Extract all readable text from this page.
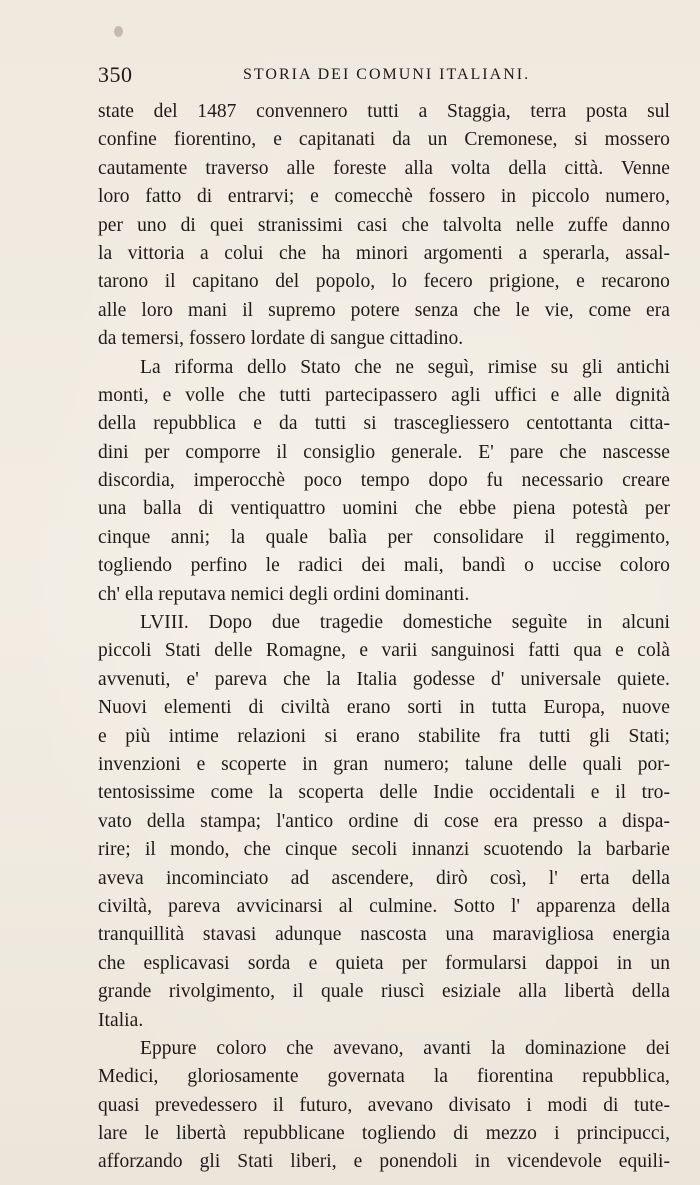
350	STORIA DEI COMUNI ITALIANI.
state del 1487 convennero tutti a Staggia, terra posta sul
confine fiorentino, e capitanati da un Cremonese, si mossero
cautamente traverso alle foreste alla volta della città. Venne
loro fatto di entrarvi; e comecchè fossero in piccolo numero,
per uno di quei stranissimi casi che talvolta nelle zuffe danno
la vittoria a colui che ha minori argomenti a sperarla, assal-
tarono il capitano del popolo, lo fecero prigione, e recarono
alle loro mani il supremo potere senza che le vie, come era
da temersi, fossero lordate di sangue cittadino.
La riforma dello Stato che ne seguì, rimise su gli antichi
monti, e volle che tutti partecipassero agli uffici e alle dignità
della repubblica e da tutti si trascegliessero centottanta citta-
dini per comporre il consiglio generale. E' pare che nascesse
discordia, imperocchè poco tempo dopo fu necessario creare
una balla di ventiquattro uomini che ebbe piena potestà per
cinque anni; la quale balìa per consolidare il reggimento,
togliendo perfino le radici dei mali, bandì o uccise coloro
ch' ella reputava nemici degli ordini dominanti.
LVIII. Dopo due tragedie domestiche seguìte in alcuni
piccoli Stati delle Romagne, e varii sanguinosi fatti qua e colà
avvenuti, e' pareva che la Italia godesse d' universale quiete.
Nuovi elementi di civiltà erano sorti in tutta Europa, nuove
e più intime relazioni si erano stabilite fra tutti gli Stati;
invenzioni e scoperte in gran numero; talune delle quali por-
tentosissime come la scoperta delle Indie occidentali e il tro-
vato della stampa; l'antico ordine di cose era presso a dispa-
rire; il mondo, che cinque secoli innanzi scuotendo la barbarie
aveva incominciato ad ascendere, dirò così, l' erta della
civiltà, pareva avvicinarsi al culmine. Sotto l' apparenza della
tranquillità stavasi adunque nascosta una maravigliosa energia
che esplicavasi sorda e quieta per formularsi dappoi in un
grande rivolgimento, il quale riuscì esiziale alla libertà della
Italia.
Eppure coloro che avevano, avanti la dominazione dei
Medici, gloriosamente governata la fiorentina repubblica,
quasi prevedessero il futuro, avevano divisato i modi di tute-
lare le libertà repubblicane togliendo di mezzo i principucci,
afforzando gli Stati liberi, e ponendoli in vicendevole equili-
